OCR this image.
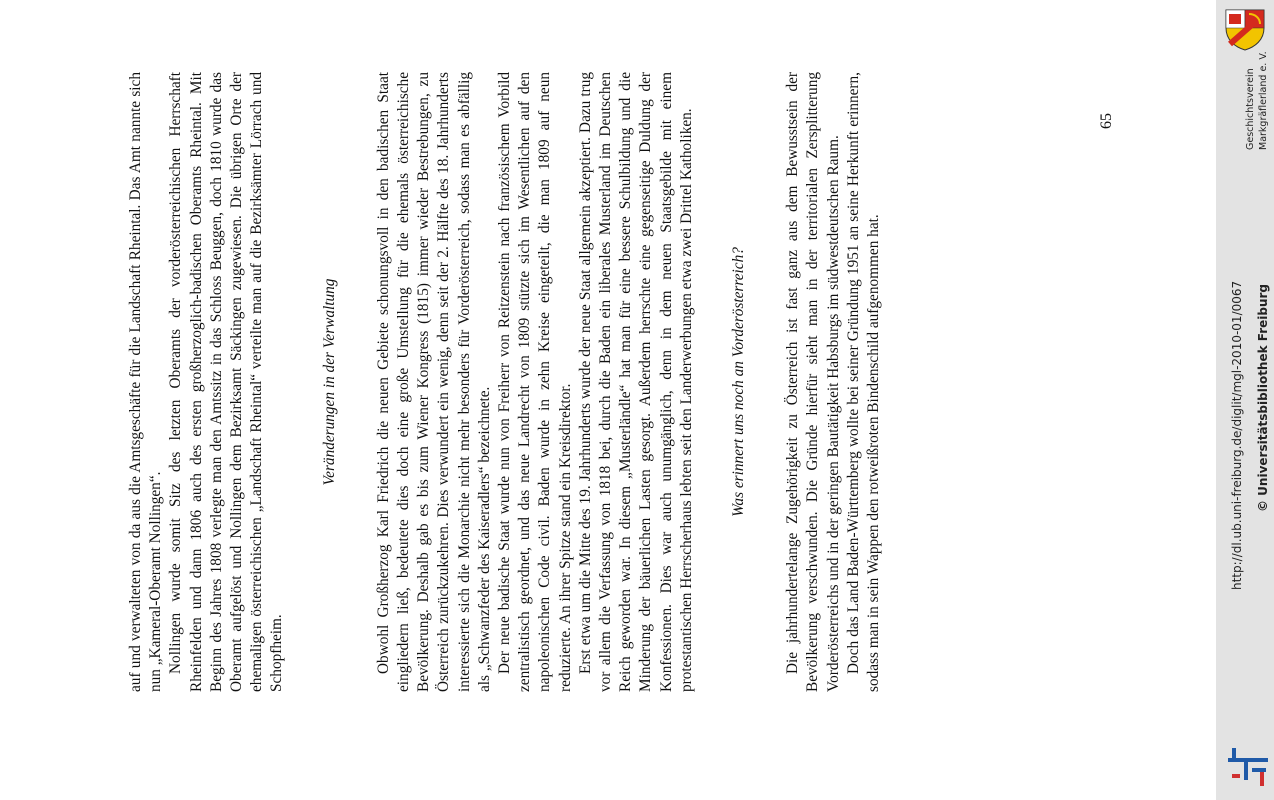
auf und verwalteten von da aus die Amtsgeschäfte für die Landschaft Rheintal. Das Amt nannte sich nun „Kameral-Oberamt Nollingen“. Nollingen wurde somit Sitz des letzten Oberamts der vorderösterreichischen Herrschaft Rheinfelden und dann 1806 auch des ersten großherzoglich-badischen Oberamts Rheintal. Mit Beginn des Jahres 1808 verlegte man den Amtssitz in das Schloss Beuggen, doch 1810 wurde das Oberamt aufgelöst und Nollingen dem Bezirksamt Säckingen zugewiesen. Die übrigen Orte der ehemaligen österreichischen „Landschaft Rheintal“ verteilte man auf die Bezirksämter Lörrach und Schopfheim.

Veränderungen in der Verwaltung Obwohl Großherzog Karl Friedrich die neuen Gebiete schonungsvoll in den badischen Staat eingliedern ließ, bedeutete dies doch eine große Umstellung für die ehemals österreichische Bevölkerung. Deshalb gab es bis zum Wiener Kongress (1815) immer wieder Bestrebungen, zu Österreich zurückzukehren. Dies verwundert ein wenig, denn seit der 2. Hälfte des 18. Jahrhunderts interessierte sich die Monarchie nicht mehr besonders für Vorderösterreich, sodass man es abfällig als „Schwanzfeder des Kaiseradlers“ bezeichnete. Der neue badische Staat wurde nun von Freiherr von Reitzenstein nach französischem Vorbild zentralistisch geordnet, und das neue Landrecht von 1809 stützte sich im Wesentlichen auf den napoleonischen Code civil. Baden wurde in zehn Kreise eingeteilt, die man 1809 auf neun reduzierte. An ihrer Spitze stand ein Kreisdirektor. Erst etwa um die Mitte des 19. Jahrhunderts wurde der neue Staat allgemein akzeptiert. Dazu trug vor allem die Verfassung von 1818 bei, durch die Baden ein liberales Musterland im Deutschen Reich geworden war. In diesem „Musterländle“ hat man für eine bessere Schulbildung und die Minderung der bäuerlichen Lasten gesorgt. Außerdem herrschte eine gegenseitige Duldung der Konfessionen. Dies war auch unumgänglich, denn in dem neuen Staatsgebilde mit einem protestantischen Herrscherhaus lebten seit den Landerwerbungen etwa zwei Drittel Katholiken. Was erinnert uns noch an Vorderösterreich? Die jahrhundertelange Zugehörigkeit zu Österreich ist fast ganz aus dem Bewusstsein der Bevölkerung verschwunden. Die Gründe hierfür sieht man in der territorialen Zersplitterung Vorderösterreichs und in der geringen Bautätigkeit Habsburgs im südwestdeutschen Raum. Doch das Land Baden-Württemberg wollte bei seiner Gründung 1951 an seine Herkunft erinnern, sodass man in sein Wappen den rotweißroten Bindenschild aufgenommen hat.

65	Geschichtsverein Markgräflerland e. V.
http://dl.ub.uni-freiburg.de/diglit/mgl-2010-01/0067 © Universitätsbibliothek Freiburg
